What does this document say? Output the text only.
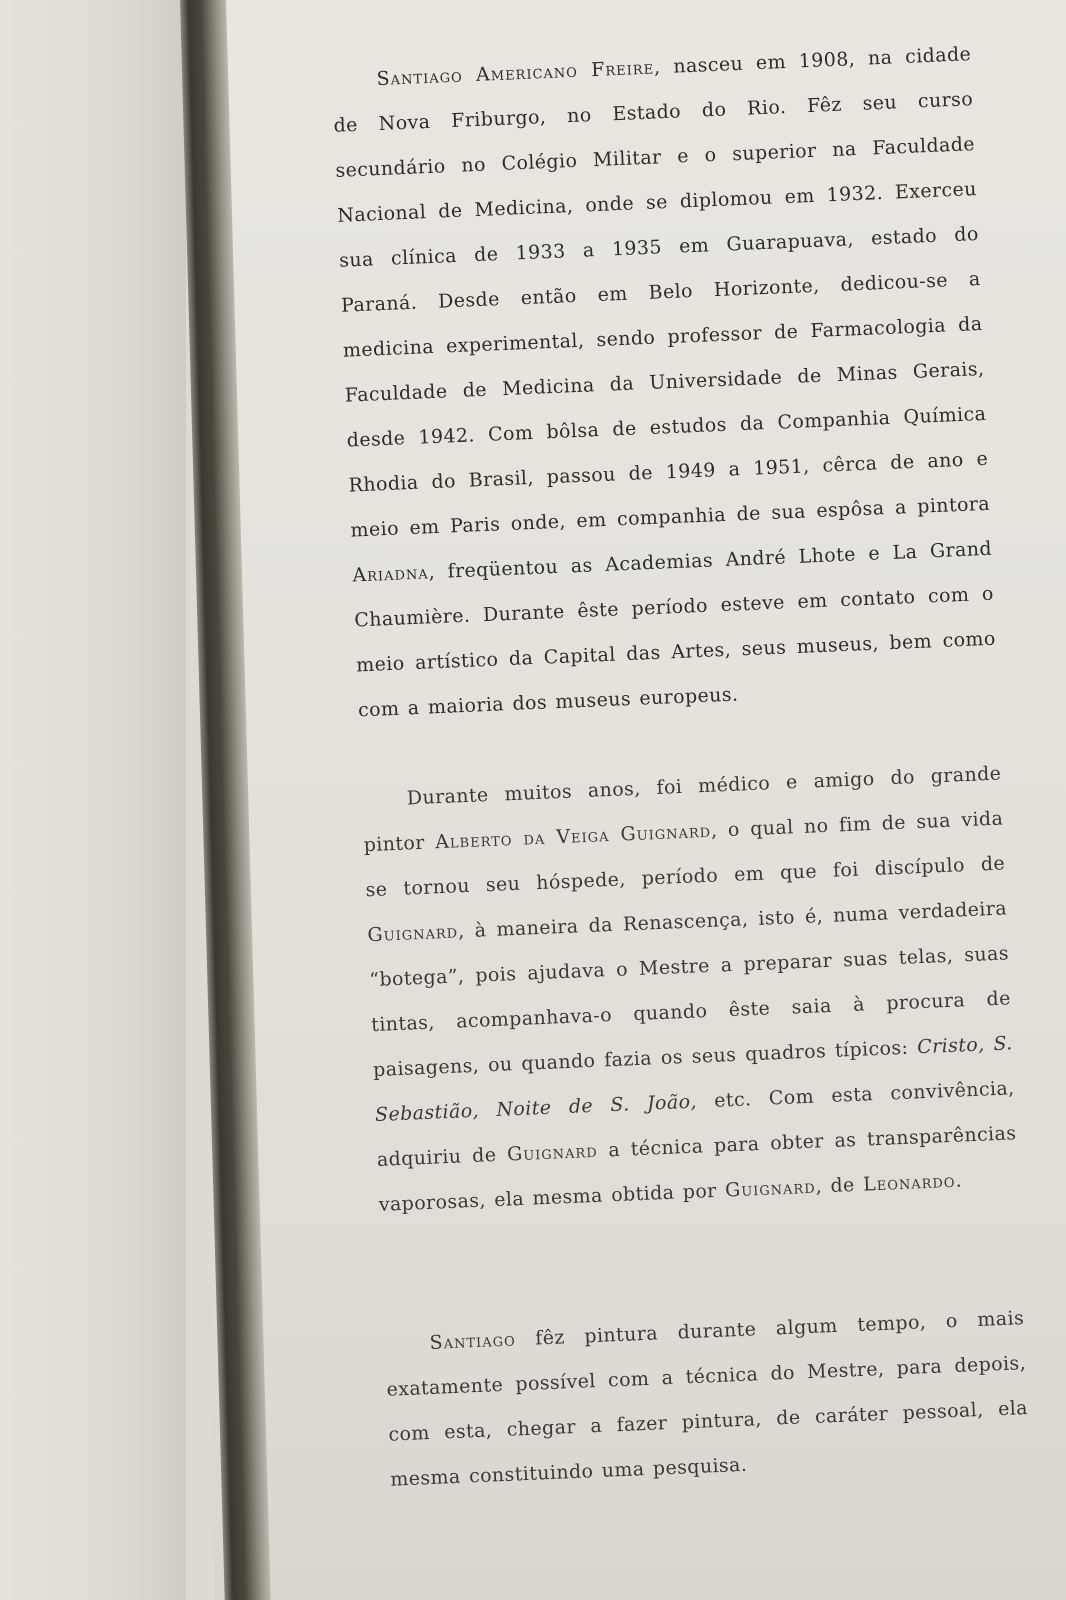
Santiago Americano Freire, nasceu em 1908, na cidade de Nova Friburgo, no Estado do Rio. Fêz seu curso secundário no Colégio Militar e o superior na Faculdade Nacional de Medicina, onde se diplomou em 1932. Exerceu sua clínica de 1933 a 1935 em Guarapuava, estado do Paraná. Desde então em Belo Horizonte, dedicou-se a medicina experimental, sendo professor de Farmacologia da Faculdade de Medicina da Universidade de Minas Gerais, desde 1942. Com bôlsa de estudos da Companhia Química Rhodia do Brasil, passou de 1949 a 1951, cêrca de ano e meio em Paris onde, em companhia de sua espôsa a pintora Ariadna, freqüentou as Academias André Lhote e La Grand Chaumière. Durante êste período esteve em contato com o meio artístico da Capital das Artes, seus museus, bem como com a maioria dos museus europeus.

Durante muitos anos, foi médico e amigo do grande pintor Alberto da Veiga Guignard, o qual no fim de sua vida se tornou seu hóspede, período em que foi discípulo de Guignard, à maneira da Renascença, isto é, numa verdadeira “botega”, pois ajudava o Mestre a preparar suas telas, suas tintas, acompanhava-o quando êste saia à procura de paisagens, ou quando fazia os seus quadros típicos: Cristo, S. Sebastião, Noite de S. João, etc. Com esta convivência, adquiriu de Guignard a técnica para obter as transparências vaporosas, ela mesma obtida por Guignard, de Leonardo.

Santiago fêz pintura durante algum tempo, o mais exatamente possível com a técnica do Mestre, para depois, com esta, chegar a fazer pintura, de caráter pessoal, ela mesma constituindo uma pesquisa.
